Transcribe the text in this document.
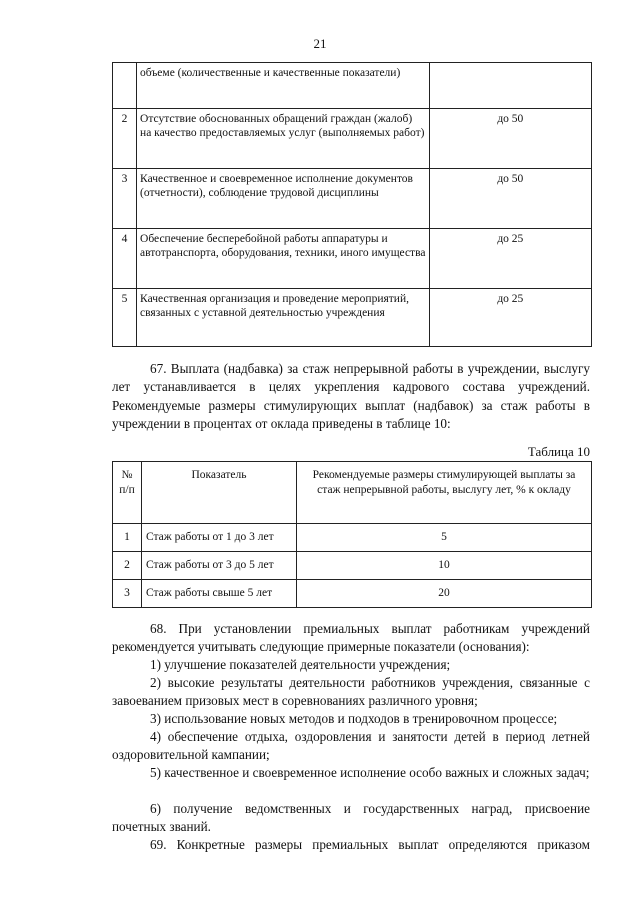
21
	объеме (количественные и качественные показатели)	
2	Отсутствие обоснованных обращений граждан (жалоб) на качество предоставляемых услуг (выполняемых работ)	до 50
3	Качественное и своевременное исполнение документов (отчетности), соблюдение трудовой дисциплины	до 50
4	Обеспечение бесперебойной работы аппаратуры и автотранспорта, оборудования, техники, иного имущества	до 25
5	Качественная организация и проведение мероприятий, связанных с уставной деятельностью учреждения	до 25

67. Выплата (надбавка) за стаж непрерывной работы в учреждении, выслугу лет устанавливается в целях укрепления кадрового состава учреждений. Рекомендуемые размеры стимулирующих выплат (надбавок) за стаж работы в учреждении в процентах от оклада приведены в таблице 10:

Таблица 10
№ п/п	Показатель	Рекомендуемые размеры стимулирующей выплаты за стаж непрерывной работы, выслугу лет, % к окладу
1	Стаж работы от 1 до 3 лет	5
2	Стаж работы от 3 до 5 лет	10
3	Стаж работы свыше 5 лет	20

68. При установлении премиальных выплат работникам учреждений рекомендуется учитывать следующие примерные показатели (основания):

1) улучшение показателей деятельности учреждения;

2) высокие результаты деятельности работников учреждения, связанные с завоеванием призовых мест в соревнованиях различного уровня;

3) использование новых методов и подходов в тренировочном процессе;

4) обеспечение отдыха, оздоровления и занятости детей в период летней оздоровительной кампании;

5) качественное и своевременное исполнение особо важных и сложных задач;

6) получение ведомственных и государственных наград, присвоение почетных званий.

69. Конкретные размеры премиальных выплат определяются приказом
